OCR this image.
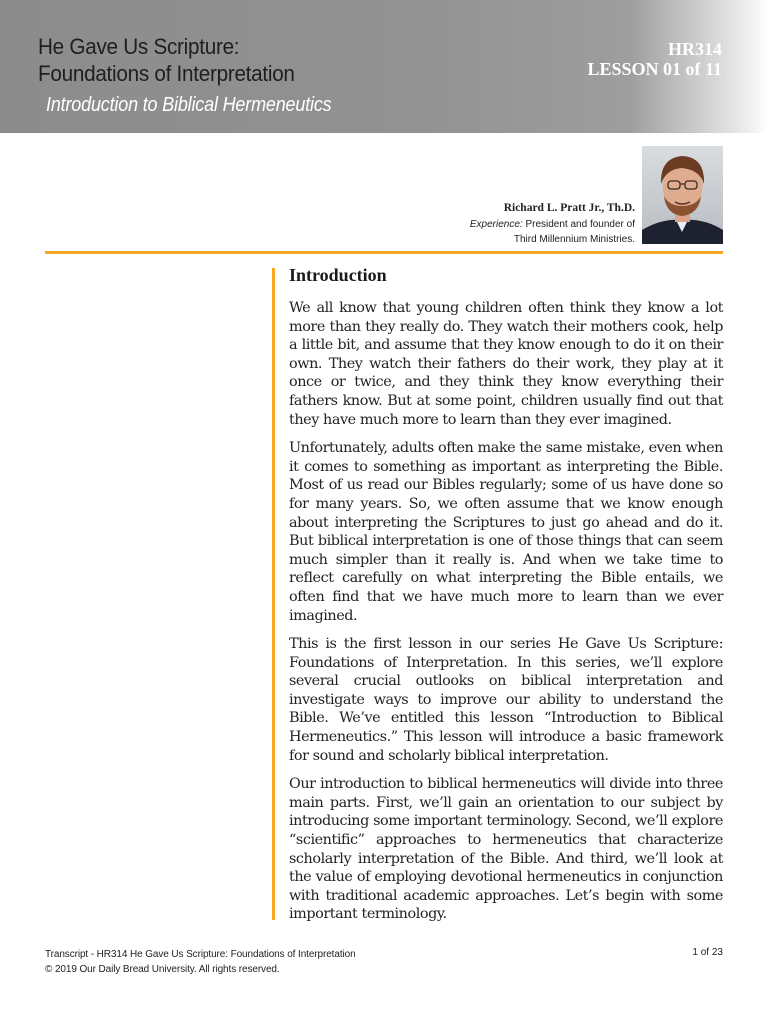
He Gave Us Scripture:
Foundations of Interpretation
Introduction to Biblical Hermeneutics
HR314
LESSON 01 of 11
Richard L. Pratt Jr., Th.D.
Experience: President and founder of
Third Millennium Ministries.
Introduction

We all know that young children often think they know a lot more than they really do. They watch their mothers cook, help a little bit, and assume that they know enough to do it on their own. They watch their fathers do their work, they play at it once or twice, and they think they know everything their fathers know. But at some point, children usually find out that they have much more to learn than they ever imagined.

Unfortunately, adults often make the same mistake, even when it comes to something as important as interpreting the Bible. Most of us read our Bibles regularly; some of us have done so for many years. So, we often assume that we know enough about interpreting the Scriptures to just go ahead and do it. But biblical interpretation is one of those things that can seem much simpler than it really is. And when we take time to reflect carefully on what interpreting the Bible entails, we often find that we have much more to learn than we ever imagined.

This is the first lesson in our series He Gave Us Scripture: Foundations of Interpretation. In this series, we’ll explore several crucial outlooks on biblical interpretation and investigate ways to improve our ability to understand the Bible. We’ve entitled this lesson “Introduction to Biblical Hermeneutics.” This lesson will introduce a basic framework for sound and scholarly biblical interpretation.

Our introduction to biblical hermeneutics will divide into three main parts. First, we’ll gain an orientation to our subject by introducing some important terminology. Second, we’ll explore “scientific” approaches to hermeneutics that characterize scholarly interpretation of the Bible. And third, we’ll look at the value of employing devotional hermeneutics in conjunction with traditional academic approaches. Let’s begin with some important terminology.

Transcript - HR314 He Gave Us Scripture: Foundations of Interpretation
© 2019 Our Daily Bread University. All rights reserved.
1 of 23
